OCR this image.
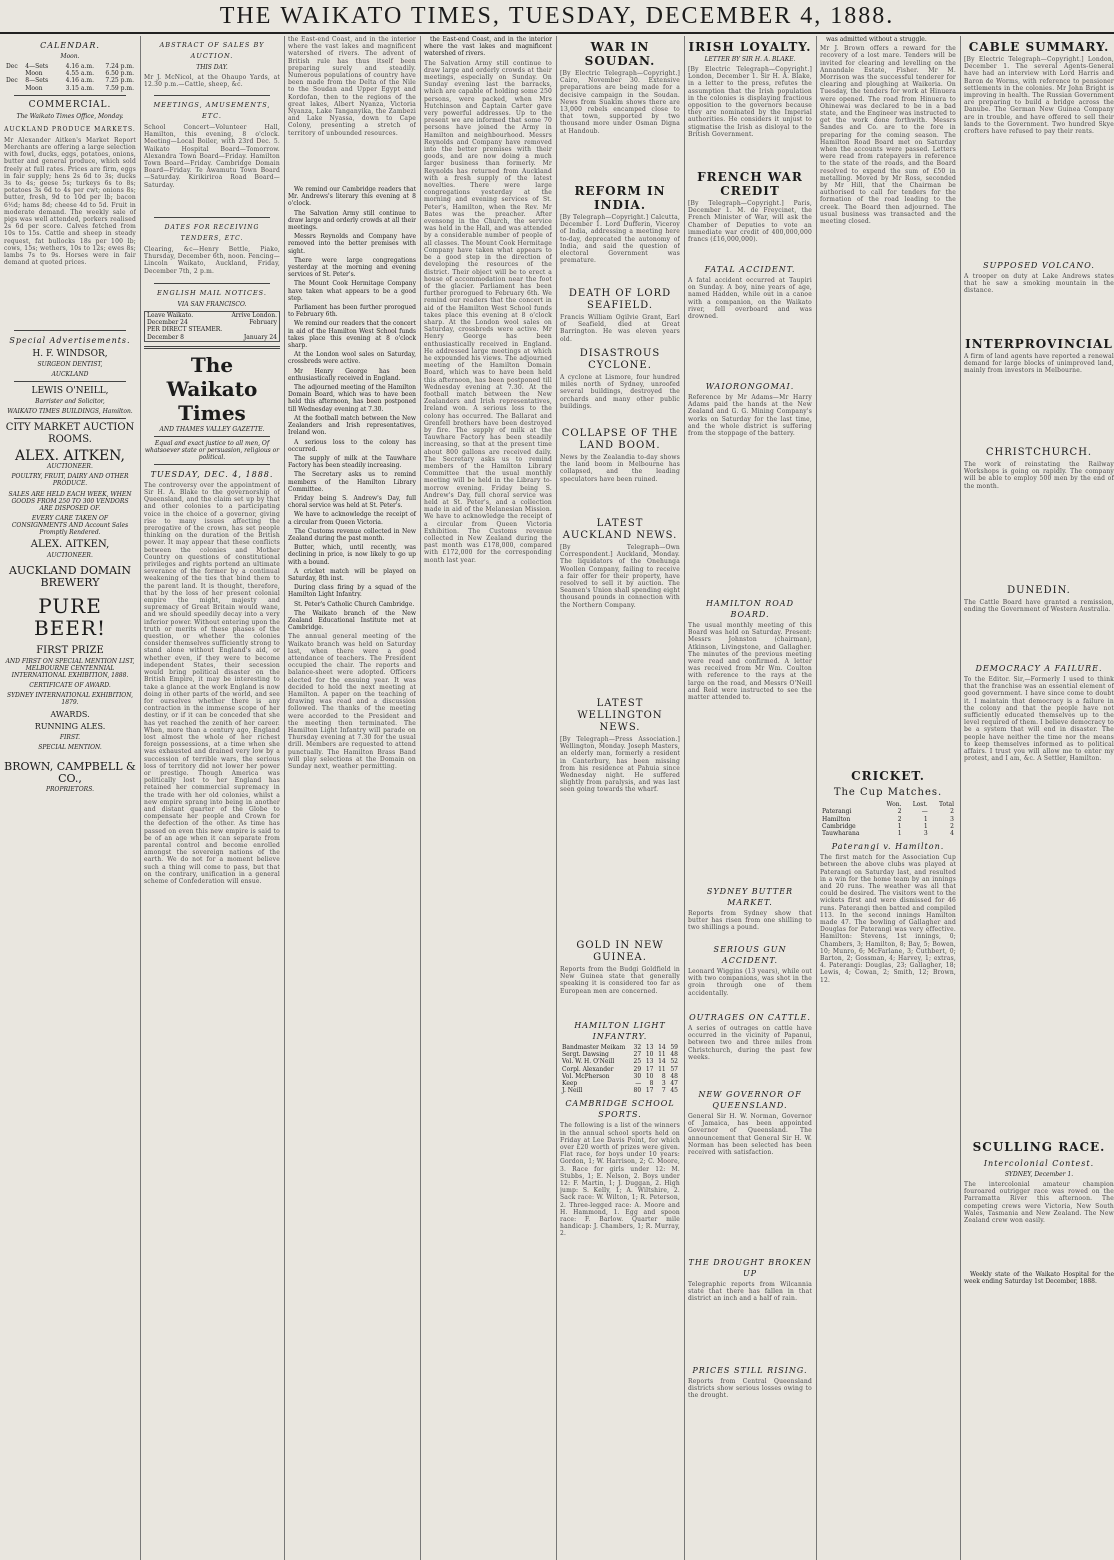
THE WAIKATO TIMES, TUESDAY, DECEMBER 4, 1888.
CALENDAR.
Moon.
Dec	4—Sets	4.16 a.m.	7.24 p.m.
	Moon	4.55 a.m.	6.50 p.m.
Dec	8—Sets	4.16 a.m.	7.25 p.m.
	Moon	3.15 a.m.	7.59 p.m.
COMMERCIAL.
The Waikato Times Office, Monday.
AUCKLAND PRODUCE MARKETS.
Mr Alexander Aitken's Market Report Merchants are offering a large selection with fowl, ducks, eggs, potatoes, onions, butter and general produce, which sold freely at full rates. Prices are firm, eggs in fair supply; hens 2s 6d to 3s; ducks 3s to 4s; geese 5s; turkeys 6s to 8s; potatoes 3s 6d to 4s per cwt; onions 8s; butter, fresh, 9d to 10d per lb; bacon 6½d; hams 8d; cheese 4d to 5d. Fruit in moderate demand. The weekly sale of pigs was well attended, porkers realised 2s 6d per score. Calves fetched from 10s to 15s. Cattle and sheep in steady request, fat bullocks 18s per 100 lb; cows, 15s; wethers, 10s to 12s; ewes 8s; lambs 7s to 9s. Horses were in fair demand at quoted prices.
Special Advertisements.
H. F. WINDSOR,
SURGEON DENTIST,
AUCKLAND
LEWIS O'NEILL,
Barrister and Solicitor,
WAIKATO TIMES BUILDINGS, Hamilton.
CITY MARKET AUCTION ROOMS.
ALEX. AITKEN,
AUCTIONEER.
POULTRY, FRUIT, DAIRY AND OTHER PRODUCE.
SALES ARE HELD EACH WEEK, WHEN GOODS FROM 250 TO 300 VENDORS ARE DISPOSED OF.
EVERY CARE TAKEN OF CONSIGNMENTS AND Account Sales Promptly Rendered.
ALEX. AITKEN,
AUCTIONEER.
AUCKLAND DOMAIN BREWERY
PURE BEER!
FIRST PRIZE
AND FIRST ON SPECIAL MENTION LIST, MELBOURNE CENTENNIAL INTERNATIONAL EXHIBITION, 1888.
CERTIFICATE OF AWARD.
SYDNEY INTERNATIONAL EXHIBITION, 1879.
AWARDS.
RUNNING ALES.
FIRST.
SPECIAL MENTION.
BROWN, CAMPBELL & CO.,
PROPRIETORS.
ABSTRACT OF SALES BY AUCTION.
THIS DAY.
Mr J. McNicol, at the Ohaupo Yards, at 12.30 p.m.—Cattle, sheep, &c.
MEETINGS, AMUSEMENTS, ETC.
School Concert—Volunteer Hall, Hamilton, this evening, 8 o'clock. Meeting—Local Boiler, with 23rd Dec. 5. Waikato Hospital Board—Tomorrow. Alexandra Town Board—Friday. Hamilton Town Board—Friday. Cambridge Domain Board—Friday. Te Awamutu Town Board—Saturday. Kirikiriroa Road Board—Saturday.
DATES FOR RECEIVING TENDERS, ETC.
Clearing, &c—Henry Bettle, Piako, Thursday, December 6th, noon. Fencing—Lincoln Waikato, Auckland, Friday, December 7th, 2 p.m.
ENGLISH MAIL NOTICES.
VIA SAN FRANCISCO.
Leave Waikato.	Arrive London.
December 24	February
PER DIRECT STEAMER.	
December 8	January 24
The Waikato Times
AND THAMES VALLEY GAZETTE.
Equal and exact justice to all men, Of whatsoever state or persuasion, religious or political.
TUESDAY, DEC. 4, 1888.
The controversy over the appointment of Sir H. A. Blake to the governorship of Queensland, and the claim set up by that and other colonies to a participating voice in the choice of a governor, giving rise to many issues affecting the prerogative of the crown, has set people thinking on the duration of the British power. It may appear that these conflicts between the colonies and Mother Country on questions of constitutional privileges and rights portend an ultimate severance of the former by a continual weakening of the ties that bind them to the parent land. It is thought, therefore, that by the loss of her present colonial empire the might, majesty and supremacy of Great Britain would wane, and we should speedily decay into a very inferior power. Without entering upon the truth or merits of these phases of the question, or whether the colonies consider themselves sufficiently strong to stand alone without England's aid, or whether even, if they were to become independent States, their secession would bring political disaster on the British Empire, it may be interesting to take a glance at the work England is now doing in other parts of the world, and see for ourselves whether there is any contraction in the immense scope of her destiny, or if it can be conceded that she has yet reached the zenith of her career. When, more than a century ago, England lost almost the whole of her richest foreign possessions, at a time when she was exhausted and drained very low by a succession of terrible wars, the serious loss of territory did not lower her power or prestige. Though America was politically lost to her England has retained her commercial supremacy in the trade with her old colonies, whilst a new empire sprang into being in another and distant quarter of the Globe to compensate her people and Crown for the defection of the other. As time has passed on even this new empire is said to be of an age when it can separate from parental control and become enrolled amongst the sovereign nations of the earth. We do not for a moment believe such a thing will come to pass, but that on the contrary, unification in a general scheme of Confederation will ensue.
the East-end Coast, and in the interior where the vast lakes and magnificent watershed of rivers. The advent of British rule has thus itself been preparing surely and steadily. Numerous populations of country have been made from the Delta of the Nile to the Soudan and Upper Egypt and Kordofan, then to the regions of the great lakes, Albert Nyanza, Victoria Nyanza, Lake Tanganyika, the Zambezi and Lake Nyassa, down to Cape Colony, presenting a stretch of territory of unbounded resources.
We remind our Cambridge readers that Mr. Andrews's literary this evening at 8 o'clock.
The Salvation Army still continue to draw large and orderly crowds at all their meetings.
Messrs Reynolds and Company have removed into the better premises with sight.
There were large congregations yesterday at the morning and evening services of St. Peter's.
The Mount Cook Hermitage Company have taken what appears to be a good step.
Parliament has been further prorogued to February 6th.
We remind our readers that the concert in aid of the Hamilton West School funds takes place this evening at 8 o'clock sharp.
At the London wool sales on Saturday, crossbreds were active.
Mr Henry George has been enthusiastically received in England.
The adjourned meeting of the Hamilton Domain Board, which was to have been held this afternoon, has been postponed till Wednesday evening at 7.30.
At the football match between the New Zealanders and Irish representatives, Ireland won.
A serious loss to the colony has occurred.
The supply of milk at the Tauwhare Factory has been steadily increasing.
The Secretary asks us to remind members of the Hamilton Library Committee.
Friday being S. Andrew's Day, full choral service was held at St. Peter's.
We have to acknowledge the receipt of a circular from Queen Victoria.
The Customs revenue collected in New Zealand during the past month.
Butter, which, until recently, was declining in price, is now likely to go up with a bound.
A cricket match will be played on Saturday, 8th inst.
During class firing by a squad of the Hamilton Light Infantry.
St. Peter's Catholic Church Cambridge.
The Waikato branch of the New Zealand Educational Institute met at Cambridge.
The annual general meeting of the Waikato branch was held on Saturday last, when there were a good attendance of teachers. The President occupied the chair. The reports and balance-sheet were adopted. Officers elected for the ensuing year. It was decided to hold the next meeting at Hamilton. A paper on the teaching of drawing was read and a discussion followed. The thanks of the meeting were accorded to the President and the meeting then terminated. The Hamilton Light Infantry will parade on Thursday evening at 7.30 for the usual drill. Members are requested to attend punctually. The Hamilton Brass Band will play selections at the Domain on Sunday next, weather permitting.
the East-end Coast, and in the interior where the vast lakes and magnificent watershed of rivers.
The Salvation Army still continue to draw large and orderly crowds at their meetings, especially on Sunday. On Sunday evening last the barracks, which are capable of holding some 250 persons, were packed, when Mrs Hutchinson and Captain Carter gave very powerful addresses. Up to the present we are informed that some 70 persons have joined the Army in Hamilton and neighbourhood. Messrs Reynolds and Company have removed into the better premises with their goods, and are now doing a much larger business than formerly. Mr Reynolds has returned from Auckland with a fresh supply of the latest novelties. There were large congregations yesterday at the morning and evening services of St. Peter's, Hamilton, when the Rev. Mr Bates was the preacher. After evensong in the Church, the service was held in the Hall, and was attended by a considerable number of people of all classes. The Mount Cook Hermitage Company have taken what appears to be a good step in the direction of developing the resources of the district. Their object will be to erect a house of accommodation near the foot of the glacier. Parliament has been further prorogued to February 6th. We remind our readers that the concert in aid of the Hamilton West School funds takes place this evening at 8 o'clock sharp. At the London wool sales on Saturday, crossbreds were active. Mr Henry George has been enthusiastically received in England. He addressed large meetings at which he expounded his views. The adjourned meeting of the Hamilton Domain Board, which was to have been held this afternoon, has been postponed till Wednesday evening at 7.30. At the football match between the New Zealanders and Irish representatives, Ireland won. A serious loss to the colony has occurred. The Ballarat and Grenfell brothers have been destroyed by fire. The supply of milk at the Tauwhare Factory has been steadily increasing, so that at the present time about 800 gallons are received daily. The Secretary asks us to remind members of the Hamilton Library Committee that the usual monthly meeting will be held in the Library to-morrow evening. Friday being S. Andrew's Day, full choral service was held at St. Peter's, and a collection made in aid of the Melanesian Mission. We have to acknowledge the receipt of a circular from Queen Victoria Exhibition. The Customs revenue collected in New Zealand during the past month was £178,000, compared with £172,000 for the corresponding month last year.
WAR IN SOUDAN.
[By Electric Telegraph—Copyright.] Cairo, November 30. Extensive preparations are being made for a decisive campaign in the Soudan. News from Suakim shows there are 13,000 rebels encamped close to that town, supported by two thousand more under Osman Digna at Handoub.
REFORM IN INDIA.
[By Telegraph—Copyright.] Calcutta, December 1. Lord Dufferin, Viceroy of India, addressing a meeting here to-day, deprecated the autonomy of India, and said the question of electoral Government was premature.
DEATH OF LORD SEAFIELD.
Francis William Ogilvie Grant, Earl of Seafield, died at Great Barrington. He was eleven years old.
DISASTROUS CYCLONE.
A cyclone at Lismore, four hundred miles north of Sydney, unroofed several buildings, destroyed the orchards and many other public buildings.
COLLAPSE OF THE LAND BOOM.
News by the Zealandia to-day shows the land boom in Melbourne has collapsed, and the leading speculators have been ruined.
LATEST AUCKLAND NEWS.
[By Telegraph—Own Correspondent.] Auckland, Monday. The liquidators of the Onehunga Woollen Company, failing to receive a fair offer for their property, have resolved to sell it by auction. The Seamen's Union shall spending eight thousand pounds in connection with the Northern Company.
LATEST WELLINGTON NEWS.
[By Telegraph—Press Association.] Wellington, Monday. Joseph Masters, an elderly man, formerly a resident in Canterbury, has been missing from his residence at Pahuia since Wednesday night. He suffered slightly from paralysis, and was last seen going towards the wharf.
GOLD IN NEW GUINEA.
Reports from the Budgi Goldfield in New Guinea state that generally speaking it is considered too far as European men are concerned.
HAMILTON LIGHT INFANTRY.
Bandmaster Meikam	32	13	14	59
Sergt. Dawsing	27	10	11	48
Vol. W. H. O'Neill	25	13	14	52
Corpl. Alexander	29	17	11	57
Vol. McPherson	30	10	8	48
Keep	—	8	3	47
J. Neill	80	17	7	45
CAMBRIDGE SCHOOL SPORTS.
The following is a list of the winners in the annual school sports held on Friday at Lee Davis Point, for which over £20 worth of prizes were given. Flat race, for boys under 10 years: Gordon, 1; W. Harrison, 2; C. Moore, 3. Race for girls under 12: M. Stubbs, 1; E. Nelson, 2. Boys under 12: F. Martin, 1; J. Duggan, 2. High jump: S. Kelly, 1; A. Wiltshire, 2. Sack race: W. Wilton, 1; R. Peterson, 2. Three-legged race: A. Moore and H. Hammond, 1. Egg and spoon race: F. Barlow. Quarter mile handicap: J. Chambers, 1; R. Murray, 2.
IRISH LOYALTY.
LETTER BY SIR H. A. BLAKE.
[By Electric Telegraph—Copyright.] London, December 1. Sir H. A. Blake, in a letter to the press, refutes the assumption that the Irish population in the colonies is displaying fractious opposition to the governors because they are nominated by the Imperial authorities. He considers it unjust to stigmatise the Irish as disloyal to the British Government.
FRENCH WAR CREDIT
[By Telegraph—Copyright.] Paris, December 1. M. de Freycinet, the French Minister of War, will ask the Chamber of Deputies to vote an immediate war credit of 400,000,000 francs (£16,000,000).
FATAL ACCIDENT.
A fatal accident occurred at Taupiri on Sunday. A boy, nine years of age, named Hadden, while out in a canoe with a companion, on the Waikato river, fell overboard and was drowned.
WAIORONGOMAI.
Reference by Mr Adams—Mr Harry Adams paid the hands at the New Zealand and G. G. Mining Company's works on Saturday for the last time, and the whole district is suffering from the stoppage of the battery.
HAMILTON ROAD BOARD.
The usual monthly meeting of this Board was held on Saturday. Present: Messrs Johnston (chairman), Atkinson, Livingstone, and Gallagher. The minutes of the previous meeting were read and confirmed. A letter was received from Mr Wm. Coulton with reference to the rays at the large on the road, and Messrs O'Neill and Reid were instructed to see the matter attended to.
SYDNEY BUTTER MARKET.
Reports from Sydney show that butter has risen from one shilling to two shillings a pound.
SERIOUS GUN ACCIDENT.
Leonard Wiggins (13 years), while out with two companions, was shot in the groin through one of them accidentally.
OUTRAGES ON CATTLE.
A series of outrages on cattle have occurred in the vicinity of Papanui, between two and three miles from Christchurch, during the past few weeks.
NEW GOVERNOR OF QUEENSLAND.
General Sir H. W. Norman, Governor of Jamaica, has been appointed Governor of Queensland. The announcement that General Sir H. W. Norman has been selected has been received with satisfaction.
THE DROUGHT BROKEN UP
Telegraphic reports from Wilcannia state that there has fallen in that district an inch and a half of rain.
PRICES STILL RISING.
Reports from Central Queensland districts show serious losses owing to the drought.
was admitted without a struggle.
Mr J. Brown offers a reward for the recovery of a lost mare. Tenders will be invited for clearing and levelling on the Annandale Estate, Fisher. Mr M. Morrison was the successful tenderer for clearing and ploughing at Waikeria. On Tuesday, the tenders for work at Hinuera were opened. The road from Hinuera to Ohinewai was declared to be in a bad state, and the Engineer was instructed to get the work done forthwith. Messrs Sandes and Co. are to the fore in preparing for the coming season. The Hamilton Road Board met on Saturday when the accounts were passed. Letters were read from ratepayers in reference to the state of the roads, and the Board resolved to expend the sum of £50 in metalling. Moved by Mr Ross, seconded by Mr Hill, that the Chairman be authorised to call for tenders for the formation of the road leading to the creek. The Board then adjourned. The usual business was transacted and the meeting closed.
CRICKET.
The Cup Matches.
	Won.	Lost.	Total
Paterangi	2	—	2
Hamilton	2	1	3
Cambridge	1	1	2
Tauwharana	1	3	4
Paterangi v. Hamilton.
The first match for the Association Cup between the above clubs was played at Paterangi on Saturday last, and resulted in a win for the home team by an innings and 20 runs. The weather was all that could be desired. The visitors went to the wickets first and were dismissed for 46 runs. Paterangi then batted and compiled 113. In the second innings Hamilton made 47. The bowling of Gallagher and Douglas for Paterangi was very effective. Hamilton: Stevens, 1st innings, 0; Chambers, 3; Hamilton, 8; Bay, 5; Bowen, 10; Munro, 6; McFarlane, 3; Cuthbert, 0; Barton, 2; Gossman, 4; Harvey, 1; extras, 4. Paterangi: Douglas, 23; Gallagher, 18; Lewis, 4; Cowan, 2; Smith, 12; Brown, 12.
CABLE SUMMARY.
[By Electric Telegraph—Copyright.] London, December 1. The several Agents-General have had an interview with Lord Harris and Baron de Worms, with reference to pensioner settlements in the colonies. Mr John Bright is improving in health. The Russian Government are preparing to build a bridge across the Danube. The German New Guinea Company are in trouble, and have offered to sell their lands to the Government. Two hundred Skye crofters have refused to pay their rents.
SUPPOSED VOLCANO.
A trooper on duty at Lake Andrews states that he saw a smoking mountain in the distance.
INTERPROVINCIAL
A firm of land agents have reported a renewal demand for large blocks of unimproved land, mainly from investors in Melbourne.
CHRISTCHURCH.
The work of reinstating the Railway Workshops is going on rapidly. The company will be able to employ 500 men by the end of the month.
DUNEDIN.
The Cattle Board have granted a remission, ending the Government of Western Australia.
DEMOCRACY A FAILURE.
To the Editor. Sir,—Formerly I used to think that the franchise was an essential element of good government. I have since come to doubt it. I maintain that democracy is a failure in the colony and that the people have not sufficiently educated themselves up to the level required of them. I believe democracy to be a system that will end in disaster. The people have neither the time nor the means to keep themselves informed as to political affairs. I trust you will allow me to enter my protest, and I am, &c. A Settler, Hamilton.
SCULLING RACE.
Intercolonial Contest.
SYDNEY, December 1.
The intercolonial amateur champion fouroared outrigger race was rowed on the Parramatta River this afternoon. The competing crews were Victoria, New South Wales, Tasmania and New Zealand. The New Zealand crew won easily.
Weekly state of the Waikato Hospital for the week ending Saturday 1st December, 1888.
